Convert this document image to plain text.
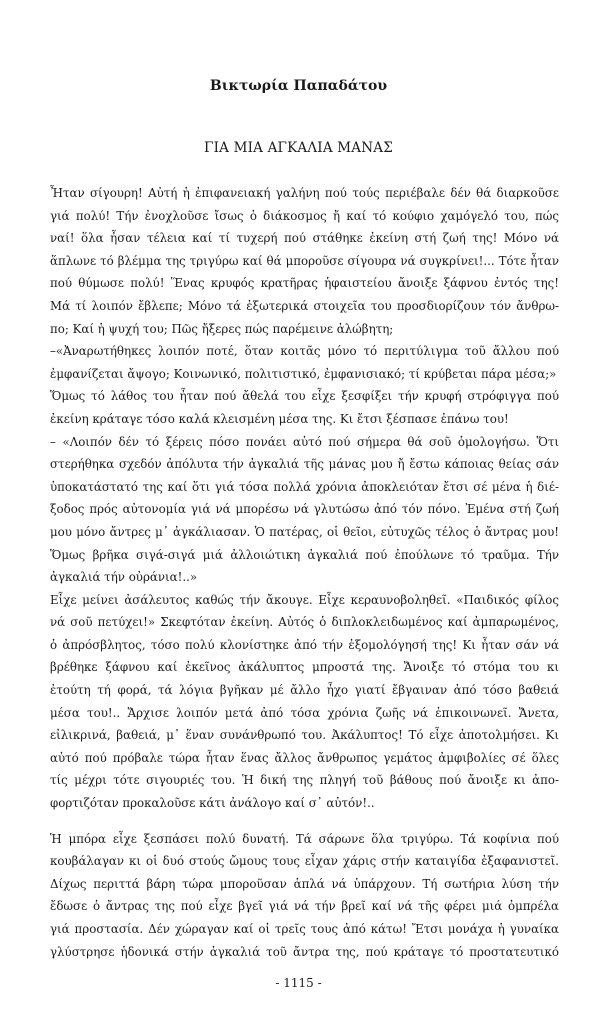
Βικτωρία Παπαδάτου
ΓΙΑ ΜΙΑ ΑΓΚΑΛΙΑ ΜΑΝΑΣ
Ἦταν σίγουρη! Αὐτή ἡ ἐπιφανειακή γαλήνη πού τούς περιέβαλε δέν θά διαρκοῦσε
γιά πολύ! Τήν ἐνοχλοῦσε ἴσως ὁ διάκοσμος ἤ καί τό κούφιο χαμόγελό του, πώς
ναί! ὅλα ἦσαν τέλεια καί τί τυχερή πού στάθηκε ἐκείνη στή ζωή της! Μόνο νά
ἅπλωνε τό βλέμμα της τριγύρω καί θά μποροῦσε σίγουρα νά συγκρίνει!... Τότε ἦταν
πού θύμωσε πολύ! Ἕνας κρυφός κρατῆρας ἡφαιστείου ἄνοιξε ξάφνου ἐντός της!
Μά τί λοιπόν ἔβλεπε; Μόνο τά ἐξωτερικά στοιχεῖα του προσδιορίζουν τόν ἄνθρω-
πο; Καί ἡ ψυχή του; Πῶς ἤξερες πώς παρέμεινε ἀλώβητη;
–«Ἀναρωτήθηκες λοιπόν ποτέ, ὅταν κοιτᾶς μόνο τό περιτύλιγμα τοῦ ἄλλου πού
ἐμφανίζεται ἄψογο; Κοινωνικό, πολιτιστικό, ἐμφανισιακό; τί κρύβεται πάρα μέσα;»
Ὅμως τό λάθος του ἦταν πού ἄθελά του εἶχε ξεσφίξει τήν κρυφή στρόφιγγα πού
ἐκείνη κράταγε τόσο καλά κλεισμένη μέσα της. Κι ἔτσι ξέσπασε ἐπάνω του!
– «Λοιπόν δέν τό ξέρεις πόσο πονάει αὐτό πού σήμερα θά σοῦ ὁμολογήσω. Ὅτι
στερήθηκα σχεδόν ἀπόλυτα τήν ἀγκαλιά τῆς μάνας μου ἤ ἔστω κάποιας θείας σάν
ὑποκατάστατό της καί ὅτι γιά τόσα πολλά χρόνια ἀποκλειόταν ἔτσι σέ μένα ἡ διέ-
ξοδος πρός αὐτονομία γιά νά μπορέσω νά γλυτώσω ἀπό τόν πόνο. Ἐμένα στή ζωή
μου μόνο ἄντρες μ᾽ ἀγκάλιασαν. Ὁ πατέρας, οἱ θεῖοι, εὐτυχῶς τέλος ὁ ἄντρας μου!
Ὅμως βρῆκα σιγά-σιγά μιά ἀλλοιώτικη ἀγκαλιά πού ἐπούλωνε τό τραῦμα. Τήν
ἀγκαλιά τήν οὐράνια!..»
Εἶχε μείνει ἀσάλευτος καθώς τήν ἄκουγε. Εἶχε κεραυνοβοληθεῖ. «Παιδικός φίλος
νά σοῦ πετύχει!» Σκεφτόταν ἐκείνη. Αὐτός ὁ διπλοκλειδωμένος καί ἀμπαρωμένος,
ὁ ἀπρόσβλητος, τόσο πολύ κλονίστηκε ἀπό τήν ἐξομολόγησή της! Κι ἦταν σάν νά
βρέθηκε ξάφνου καί ἐκεῖνος ἀκάλυπτος μπροστά της. Ἄνοιξε τό στόμα του κι
ἐτούτη τή φορά, τά λόγια βγῆκαν μέ ἄλλο ἦχο γιατί ἔβγαιναν ἀπό τόσο βαθειά
μέσα του!.. Ἄρχισε λοιπόν μετά ἀπό τόσα χρόνια ζωῆς νά ἐπικοινωνεῖ. Ἄνετα,
εἰλικρινά, βαθειά, μ᾽ ἕναν συνάνθρωπό του. Ἀκάλυπτος! Τό εἶχε ἀποτολμήσει. Κι
αὐτό πού πρόβαλε τώρα ἦταν ἕνας ἄλλος ἄνθρωπος γεμάτος ἀμφιβολίες σέ ὅλες
τίς μέχρι τότε σιγουριές του. Ἡ δική της πληγή τοῦ βάθους πού ἄνοιξε κι ἀπο-
φορτιζόταν προκαλοῦσε κάτι ἀνάλογο καί σ᾽ αὐτόν!..
Ἡ μπόρα εἶχε ξεσπάσει πολύ δυνατή. Τά σάρωνε ὅλα τριγύρω. Τά κοφίνια πού
κουβάλαγαν κι οἱ δυό στούς ὤμους τους εἶχαν χάρις στήν καταιγίδα ἐξαφανιστεῖ.
Δίχως περιττά βάρη τώρα μποροῦσαν ἁπλά νά ὑπάρχουν. Τή σωτήρια λύση τήν
ἔδωσε ὁ ἄντρας της πού εἶχε βγεῖ γιά νά τήν βρεῖ καί νά τῆς φέρει μιά ὀμπρέλα
γιά προστασία. Δέν χώραγαν καί οἱ τρεῖς τους ἀπό κάτω! Ἔτσι μονάχα ἡ γυναίκα
γλύστρησε ἡδονικά στήν ἀγκαλιά τοῦ ἄντρα της, πού κράταγε τό προστατευτικό
- 1115 -
